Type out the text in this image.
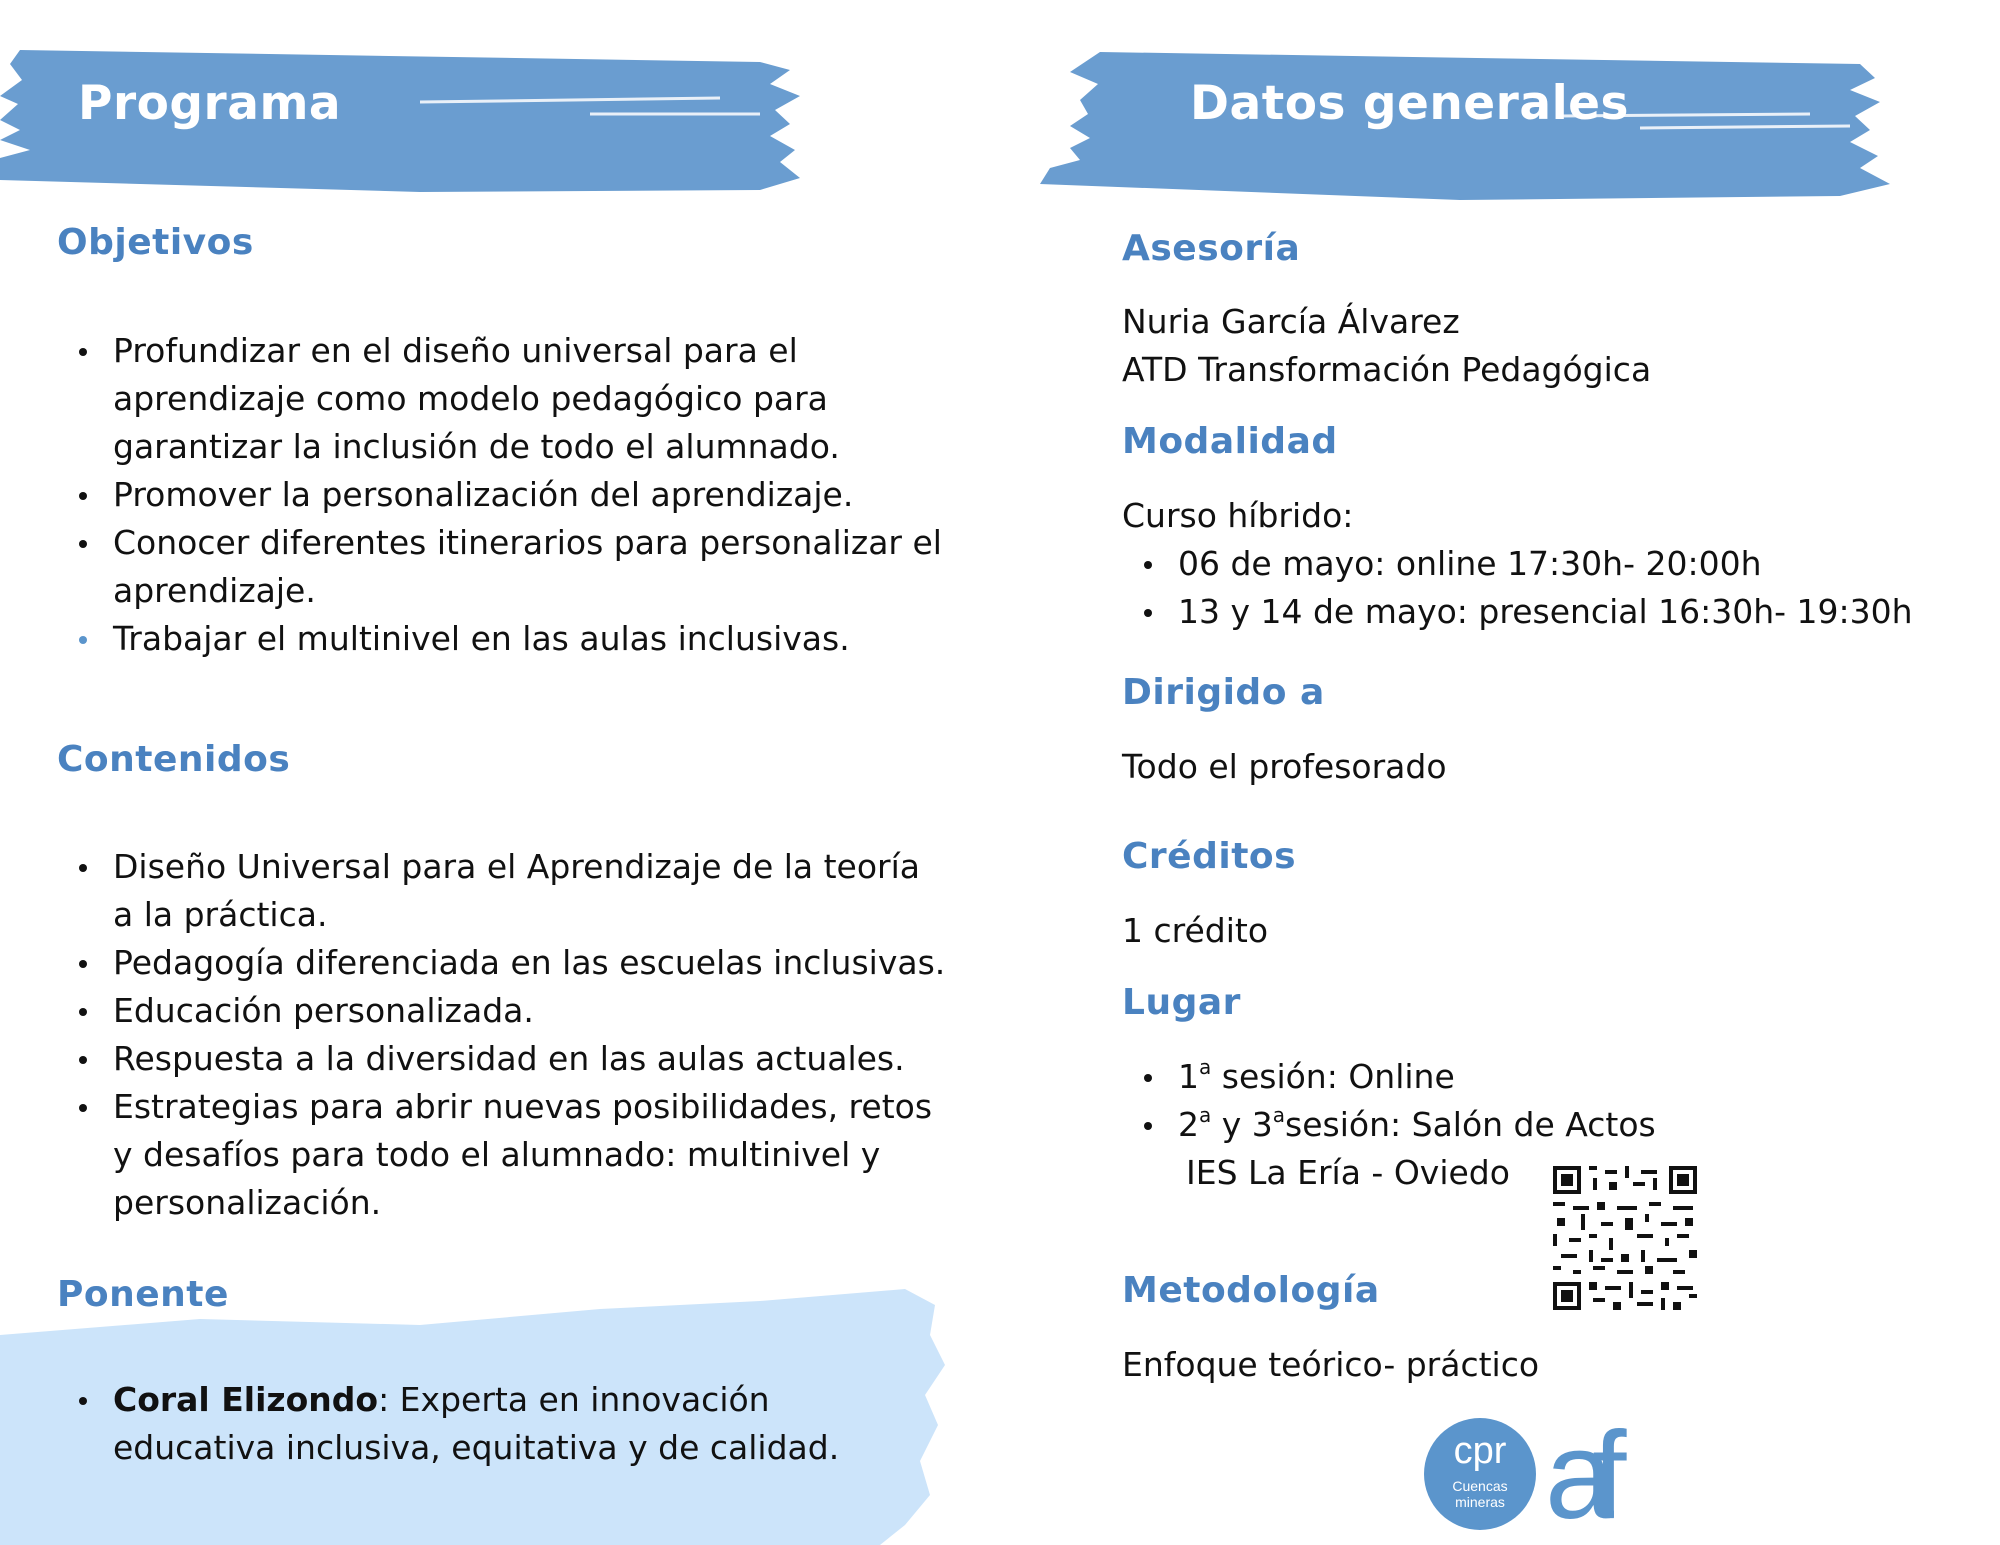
Programa	Datos generales
Objetivos
Profundizar en el diseño universal para el
aprendizaje como modelo pedagógico para
garantizar la inclusión de todo el alumnado.
Promover la personalización del aprendizaje.
Conocer diferentes itinerarios para personalizar el
aprendizaje.
Trabajar el multinivel en las aulas inclusivas.
Contenidos
Diseño Universal para el Aprendizaje de la teoría
a la práctica.
Pedagogía diferenciada en las escuelas inclusivas.
Educación personalizada.
Respuesta a la diversidad en las aulas actuales.
Estrategias para abrir nuevas posibilidades, retos
y desafíos para todo el alumnado: multinivel y
personalización.
Ponente
Coral Elizondo: Experta en innovación
educativa inclusiva, equitativa y de calidad.
Asesoría
Nuria García Álvarez
ATD Transformación Pedagógica
Modalidad
Curso híbrido:
06 de mayo: online 17:30h- 20:00h
13 y 14 de mayo: presencial 16:30h- 19:30h
Dirigido a
Todo el profesorado
Créditos
1 crédito
Lugar
1$^a$ sesión: Online
2$^a$ y 3$^a$sesión: Salón de Actos
IES La Ería - Oviedo
Metodología
Enfoque teórico- práctico
cpr
Cuencas
mineras af
